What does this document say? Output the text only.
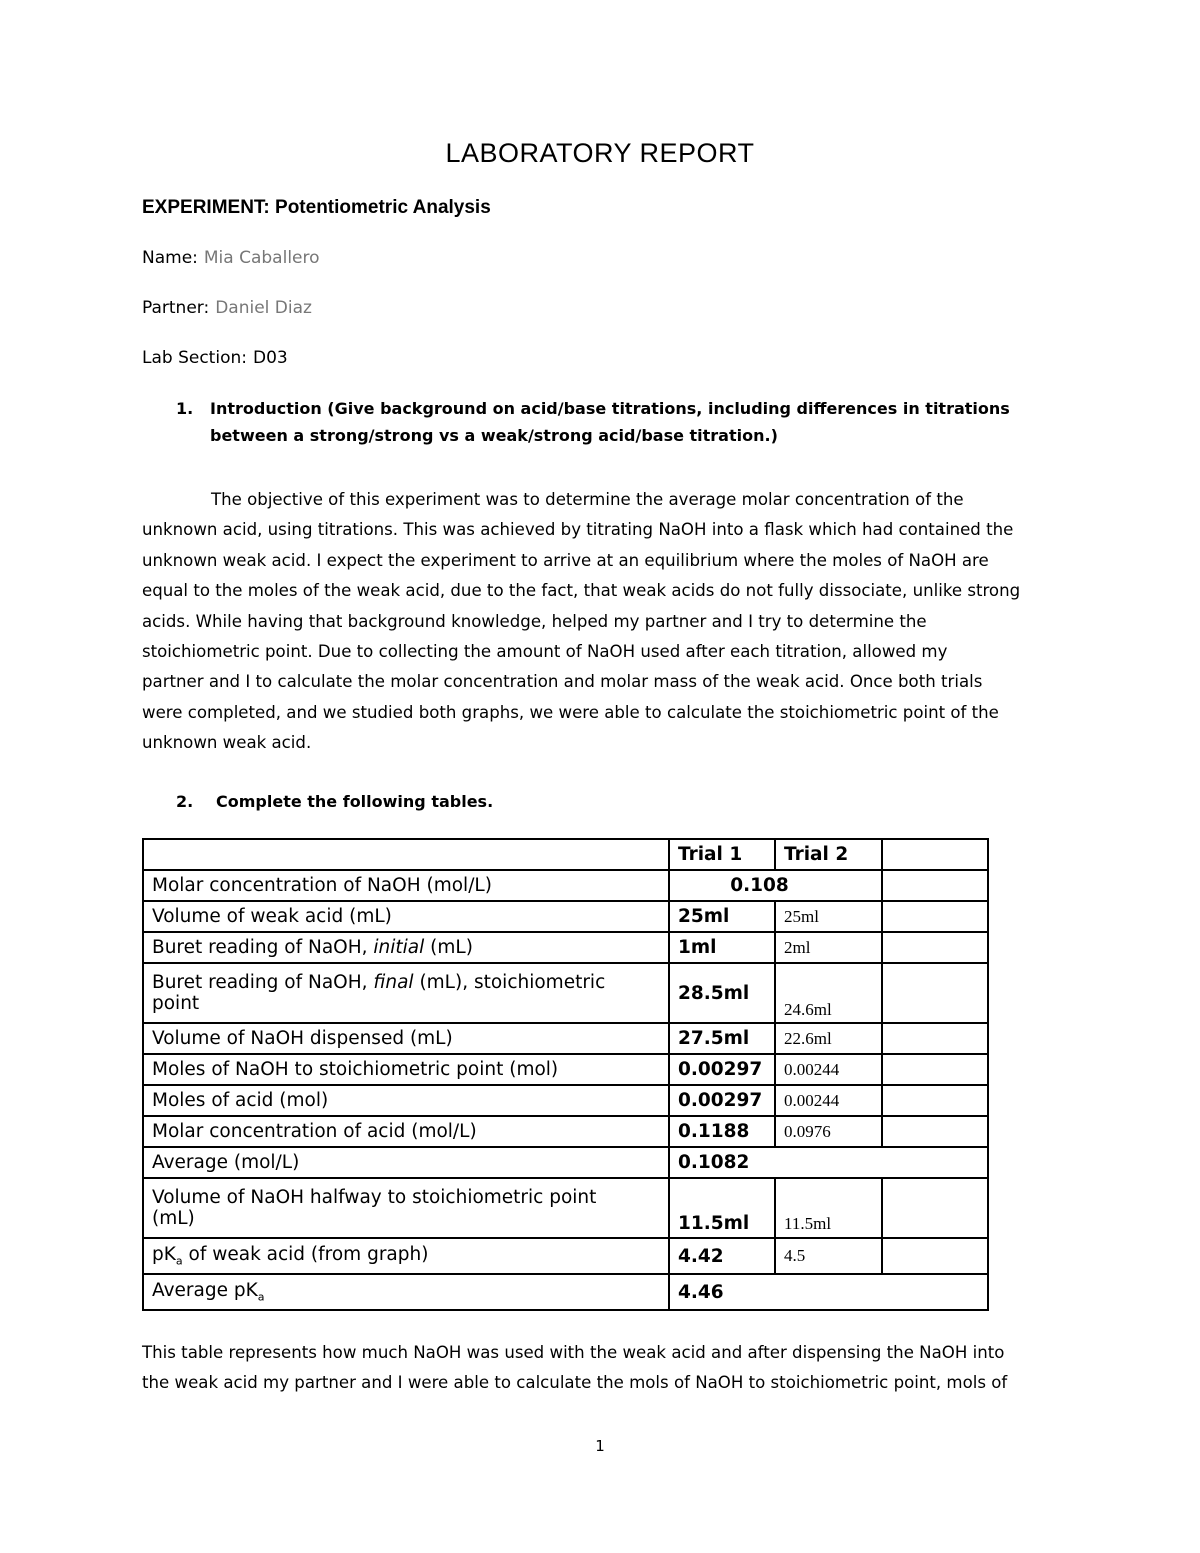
LABORATORY REPORT
EXPERIMENT: Potentiometric Analysis
Name: Mia Caballero
Partner: Daniel Diaz
Lab Section: D03
1. Introduction (Give background on acid/base titrations, including differences in titrations
between a strong/strong vs a weak/strong acid/base titration.)
The objective of this experiment was to determine the average molar concentration of the
unknown acid, using titrations. This was achieved by titrating NaOH into a flask which had contained the
unknown weak acid. I expect the experiment to arrive at an equilibrium where the moles of NaOH are
equal to the moles of the weak acid, due to the fact, that weak acids do not fully dissociate, unlike strong
acids. While having that background knowledge, helped my partner and I try to determine the
stoichiometric point. Due to collecting the amount of NaOH used after each titration, allowed my
partner and I to calculate the molar concentration and molar mass of the weak acid. Once both trials
were completed, and we studied both graphs, we were able to calculate the stoichiometric point of the
unknown weak acid.
2. Complete the following tables.
	Trial 1	Trial 2	
Molar concentration of NaOH (mol/L)	0.108		
Volume of weak acid (mL)	25ml	25ml	
Buret reading of NaOH, initial (mL)	1ml	2ml	
Buret reading of NaOH, final (mL), stoichiometric
point	28.5ml	24.6ml	
Volume of NaOH dispensed (mL)	27.5ml	22.6ml	
Moles of NaOH to stoichiometric point (mol)	0.00297	0.00244	
Moles of acid (mol)	0.00297	0.00244	
Molar concentration of acid (mol/L)	0.1188	0.0976	
Average (mol/L)	0.1082		
Volume of NaOH halfway to stoichiometric point
(mL)	11.5ml	11.5ml	
$pK_a$ of weak acid (from graph)	4.42	4.5	
Average $pK_a$	4.46		
This table represents how much NaOH was used with the weak acid and after dispensing the NaOH into
the weak acid my partner and I were able to calculate the mols of NaOH to stoichiometric point, mols of
1
